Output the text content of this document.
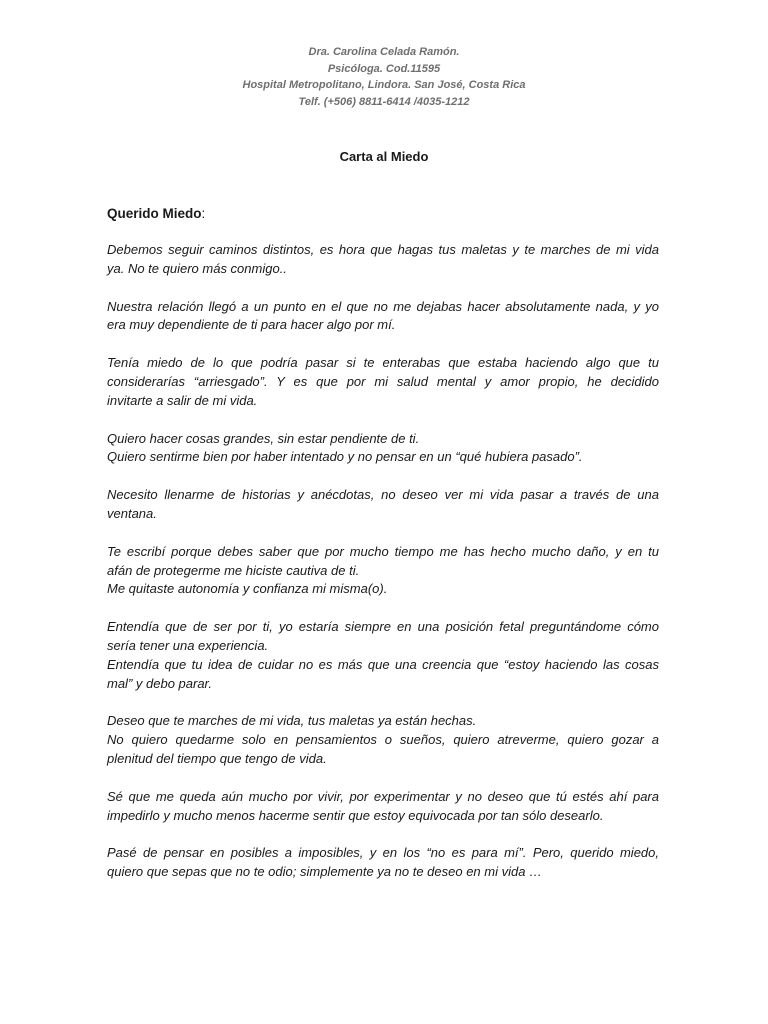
Dra. Carolina Celada Ramón.
Psicóloga. Cod.11595
Hospital Metropolitano, Lindora. San José, Costa Rica
Telf. (+506) 8811-6414 /4035-1212
Carta al Miedo
Querido Miedo:
Debemos seguir caminos distintos, es hora que hagas tus maletas y te marches de mi vida
ya. No te quiero más conmigo..
Nuestra relación llegó a un punto en el que no me dejabas hacer absolutamente nada, y yo
era muy dependiente de ti para hacer algo por mí.
Tenía miedo de lo que podría pasar si te enterabas que estaba haciendo algo que tu
considerarías “arriesgado”. Y es que por mi salud mental y amor propio, he decidido
invitarte a salir de mi vida.
Quiero hacer cosas grandes, sin estar pendiente de ti.
Quiero sentirme bien por haber intentado y no pensar en un “qué hubiera pasado”.
Necesito llenarme de historias y anécdotas, no deseo ver mi vida pasar a través de una
ventana.
Te escribí porque debes saber que por mucho tiempo me has hecho mucho daño, y en tu
afán de protegerme me hiciste cautiva de ti.
Me quitaste autonomía y confianza mi misma(o).
Entendía que de ser por ti, yo estaría siempre en una posición fetal preguntándome cómo
sería tener una experiencia.
Entendía que tu idea de cuidar no es más que una creencia que “estoy haciendo las cosas
mal” y debo parar.
Deseo que te marches de mi vida, tus maletas ya están hechas.
No quiero quedarme solo en pensamientos o sueños, quiero atreverme, quiero gozar a
plenitud del tiempo que tengo de vida.
Sé que me queda aún mucho por vivir, por experimentar y no deseo que tú estés ahí para
impedirlo y mucho menos hacerme sentir que estoy equivocada por tan sólo desearlo.
Pasé de pensar en posibles a imposibles, y en los “no es para mí”. Pero, querido miedo,
quiero que sepas que no te odio; simplemente ya no te deseo en mi vida …
